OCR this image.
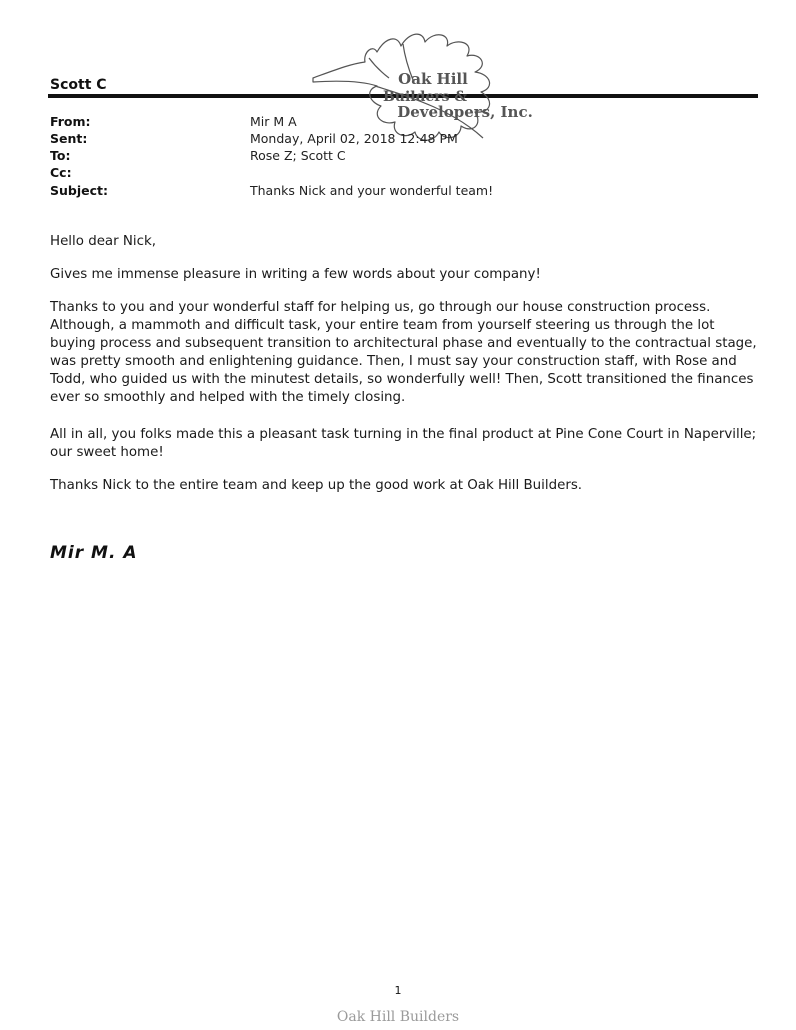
Scott C	Oak Hill
Builders &
Developers, Inc.
From:	Mir M A
Sent:	Monday, April 02, 2018 12:48 PM
To:	Rose Z; Scott C
Cc:
Subject:	Thanks Nick and your wonderful team!

Hello dear Nick,

Gives me immense pleasure in writing a few words about your company!

Thanks to you and your wonderful staff for helping us, go through our house construction process. Although, a mammoth and difficult task, your entire team from yourself steering us through the lot buying process and subsequent transition to architectural phase and eventually to the contractual stage, was pretty smooth and enlightening guidance. Then, I must say your construction staff, with Rose and Todd, who guided us with the minutest details, so wonderfully well! Then, Scott transitioned the finances ever so smoothly and helped with the timely closing.

All in all, you folks made this a pleasant task turning in the final product at Pine Cone Court in Naperville; our sweet home!

Thanks Nick to the entire team and keep up the good work at Oak Hill Builders.

Mir M. A
1
Oak Hill Builders
